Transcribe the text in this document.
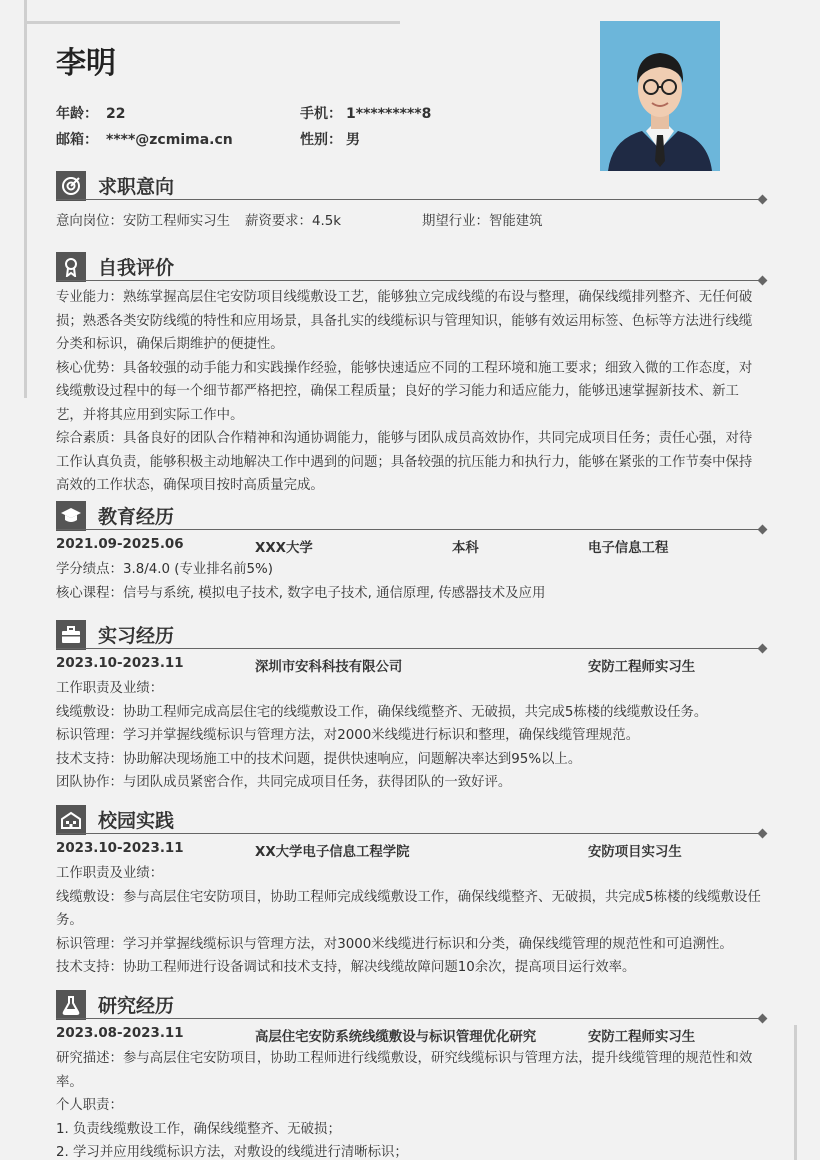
李明
年龄： 22	手机： 1*********8
邮箱： ****@zcmima.cn	性别： 男
求职意向
意向岗位：安防工程师实习生 薪资要求：4.5k	期望行业：智能建筑
自我评价

专业能力：熟练掌握高层住宅安防项目线缆敷设工艺，能够独立完成线缆的布设与整理，确保线缆排列整齐、无任何破损；熟悉各类安防线缆的特性和应用场景，具备扎实的线缆标识与管理知识，能够有效运用标签、色标等方法进行线缆分类和标识，确保后期维护的便捷性。

核心优势：具备较强的动手能力和实践操作经验，能够快速适应不同的工程环境和施工要求；细致入微的工作态度，对线缆敷设过程中的每一个细节都严格把控，确保工程质量；良好的学习能力和适应能力，能够迅速掌握新技术、新工艺，并将其应用到实际工作中。

综合素质：具备良好的团队合作精神和沟通协调能力，能够与团队成员高效协作，共同完成项目任务；责任心强，对待工作认真负责，能够积极主动地解决工作中遇到的问题；具备较强的抗压能力和执行力，能够在紧张的工作节奏中保持高效的工作状态，确保项目按时高质量完成。

教育经历
2021.09-2025.06	XXX大学	本科	电子信息工程

学分绩点：3.8/4.0 (专业排名前5%)

核心课程：信号与系统, 模拟电子技术, 数字电子技术, 通信原理, 传感器技术及应用

实习经历
2023.10-2023.11	深圳市安科科技有限公司	安防工程师实习生

工作职责及业绩：

线缆敷设：协助工程师完成高层住宅的线缆敷设工作，确保线缆整齐、无破损，共完成5栋楼的线缆敷设任务。

标识管理：学习并掌握线缆标识与管理方法，对2000米线缆进行标识和整理，确保线缆管理规范。

技术支持：协助解决现场施工中的技术问题，提供快速响应，问题解决率达到95%以上。

团队协作：与团队成员紧密合作，共同完成项目任务，获得团队的一致好评。

校园实践
2023.10-2023.11	XX大学电子信息工程学院	安防项目实习生

工作职责及业绩：

线缆敷设：参与高层住宅安防项目，协助工程师完成线缆敷设工作，确保线缆整齐、无破损，共完成5栋楼的线缆敷设任务。

标识管理：学习并掌握线缆标识与管理方法，对3000米线缆进行标识和分类，确保线缆管理的规范性和可追溯性。

技术支持：协助工程师进行设备调试和技术支持，解决线缆故障问题10余次，提高项目运行效率。

研究经历
2023.08-2023.11	高层住宅安防系统线缆敷设与标识管理优化研究	安防工程师实习生

研究描述：参与高层住宅安防项目，协助工程师进行线缆敷设，研究线缆标识与管理方法，提升线缆管理的规范性和效率。

个人职责：

1. 负责线缆敷设工作，确保线缆整齐、无破损；

2. 学习并应用线缆标识方法，对敷设的线缆进行清晰标识；
